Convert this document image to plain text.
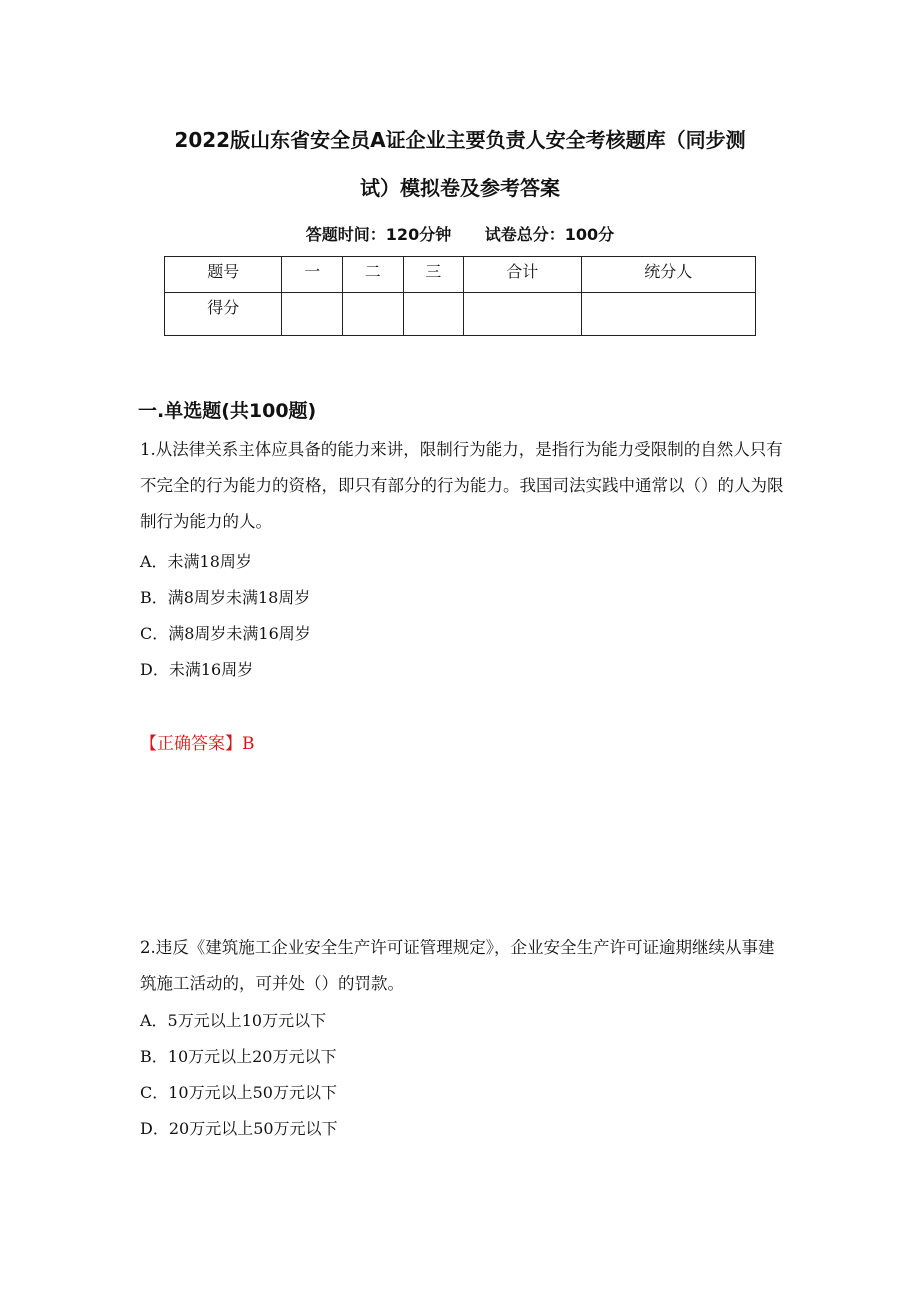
2022版山东省安全员A证企业主要负责人安全考核题库（同步测
试）模拟卷及参考答案
答题时间：120分钟 试卷总分：100分
题号	一	二	三	合计	统分人
得分					
一.单选题(共100题)
1.从法律关系主体应具备的能力来讲，限制行为能力，是指行为能力受限制的自然人只有不完全的行为能力的资格，即只有部分的行为能力。我国司法实践中通常以（）的人为限制行为能力的人。
A．未满18周岁
B．满8周岁未满18周岁
C．满8周岁未满16周岁
D．未满16周岁
【正确答案】B
2.违反《建筑施工企业安全生产许可证管理规定》，企业安全生产许可证逾期继续从事建筑施工活动的，可并处（）的罚款。
A．5万元以上10万元以下
B．10万元以上20万元以下
C．10万元以上50万元以下
D．20万元以上50万元以下
